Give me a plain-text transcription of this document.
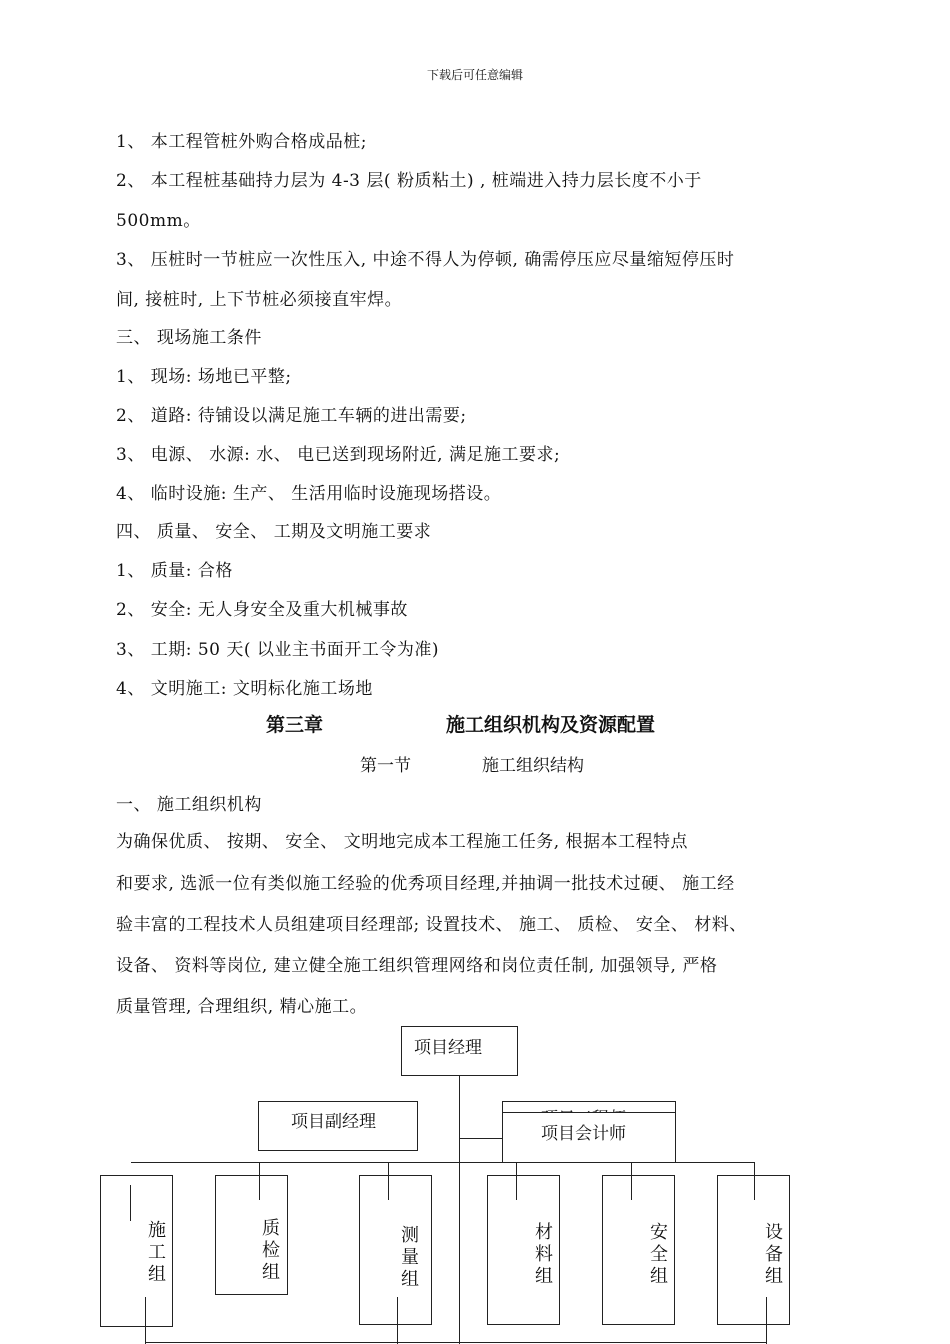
下载后可任意编辑
1、 本工程管桩外购合格成品桩;
2、 本工程桩基础持力层为 4-3 层( 粉质粘土) , 桩端进入持力层长度不小于
500mm。
3、 压桩时一节桩应一次性压入, 中途不得人为停顿, 确需停压应尽量缩短停压时
间, 接桩时, 上下节桩必须接直牢焊。
三、 现场施工条件
1、 现场: 场地已平整;
2、 道路: 待铺设以满足施工车辆的进出需要;
3、 电源、 水源: 水、 电已送到现场附近, 满足施工要求;
4、 临时设施: 生产、 生活用临时设施现场搭设。
四、 质量、 安全、 工期及文明施工要求
1、 质量: 合格
2、 安全: 无人身安全及重大机械事故
3、 工期: 50 天( 以业主书面开工令为准)
4、 文明施工: 文明标化施工场地
第三章	施工组织机构及资源配置
第一节	施工组织结构
一、 施工组织机构
为确保优质、 按期、 安全、 文明地完成本工程施工任务, 根据本工程特点
和要求, 选派一位有类似施工经验的优秀项目经理,并抽调一批技术过硬、 施工经
验丰富的工程技术人员组建项目经理部; 设置技术、 施工、 质检、 安全、 材料、
设备、 资料等岗位, 建立健全施工组织管理网络和岗位责任制, 加强领导, 严格
质量管理, 合理组织, 精心施工。
项目经理
项目副经理
项目会计师
施工组
质检组
测量组
材料组
安全组
设备组
